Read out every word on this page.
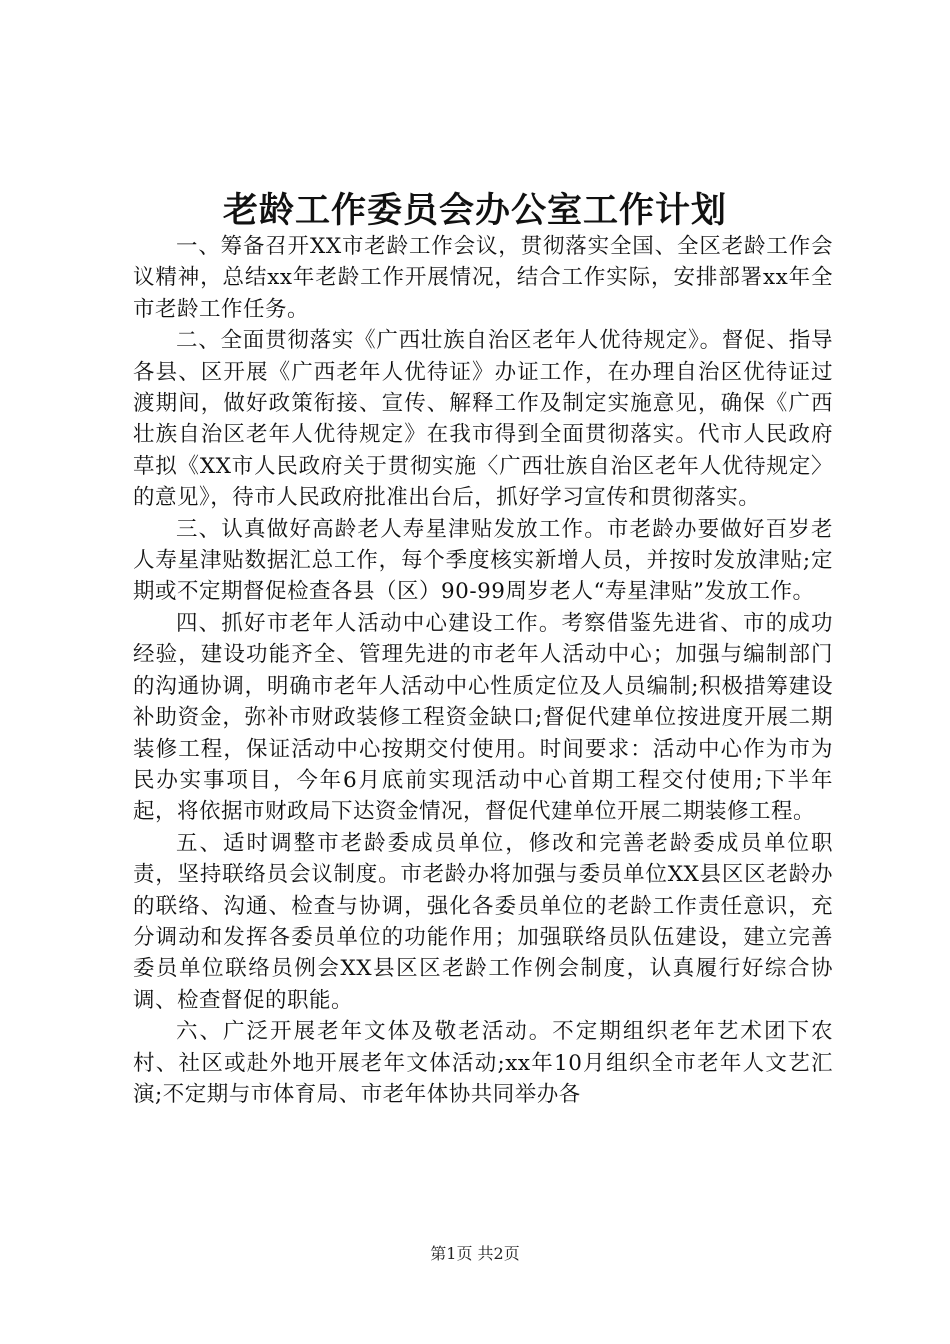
老龄工作委员会办公室工作计划

一、筹备召开XX市老龄工作会议，贯彻落实全国、全区老龄工作会议精神，总结xx年老龄工作开展情况，结合工作实际，安排部署xx年全市老龄工作任务。

二、全面贯彻落实《广西壮族自治区老年人优待规定》。督促、指导各县、区开展《广西老年人优待证》办证工作，在办理自治区优待证过渡期间，做好政策衔接、宣传、解释工作及制定实施意见，确保《广西壮族自治区老年人优待规定》在我市得到全面贯彻落实。代市人民政府草拟《XX市人民政府关于贯彻实施〈广西壮族自治区老年人优待规定〉的意见》，待市人民政府批准出台后，抓好学习宣传和贯彻落实。

三、认真做好高龄老人寿星津贴发放工作。市老龄办要做好百岁老人寿星津贴数据汇总工作，每个季度核实新增人员，并按时发放津贴;定期或不定期督促检查各县（区）90-99周岁老人“寿星津贴”发放工作。

四、抓好市老年人活动中心建设工作。考察借鉴先进省、市的成功经验，建设功能齐全、管理先进的市老年人活动中心；加强与编制部门的沟通协调，明确市老年人活动中心性质定位及人员编制;积极措筹建设补助资金，弥补市财政装修工程资金缺口;督促代建单位按进度开展二期装修工程，保证活动中心按期交付使用。时间要求：活动中心作为市为民办实事项目，今年6月底前实现活动中心首期工程交付使用;下半年起，将依据市财政局下达资金情况，督促代建单位开展二期装修工程。

五、适时调整市老龄委成员单位，修改和完善老龄委成员单位职责，坚持联络员会议制度。市老龄办将加强与委员单位XX县区区老龄办的联络、沟通、检查与协调，强化各委员单位的老龄工作责任意识，充分调动和发挥各委员单位的功能作用；加强联络员队伍建设，建立完善委员单位联络员例会XX县区区老龄工作例会制度，认真履行好综合协调、检查督促的职能。

六、广泛开展老年文体及敬老活动。不定期组织老年艺术团下农村、社区或赴外地开展老年文体活动;xx年10月组织全市老年人文艺汇演;不定期与市体育局、市老年体协共同举办各

第1页 共2页
